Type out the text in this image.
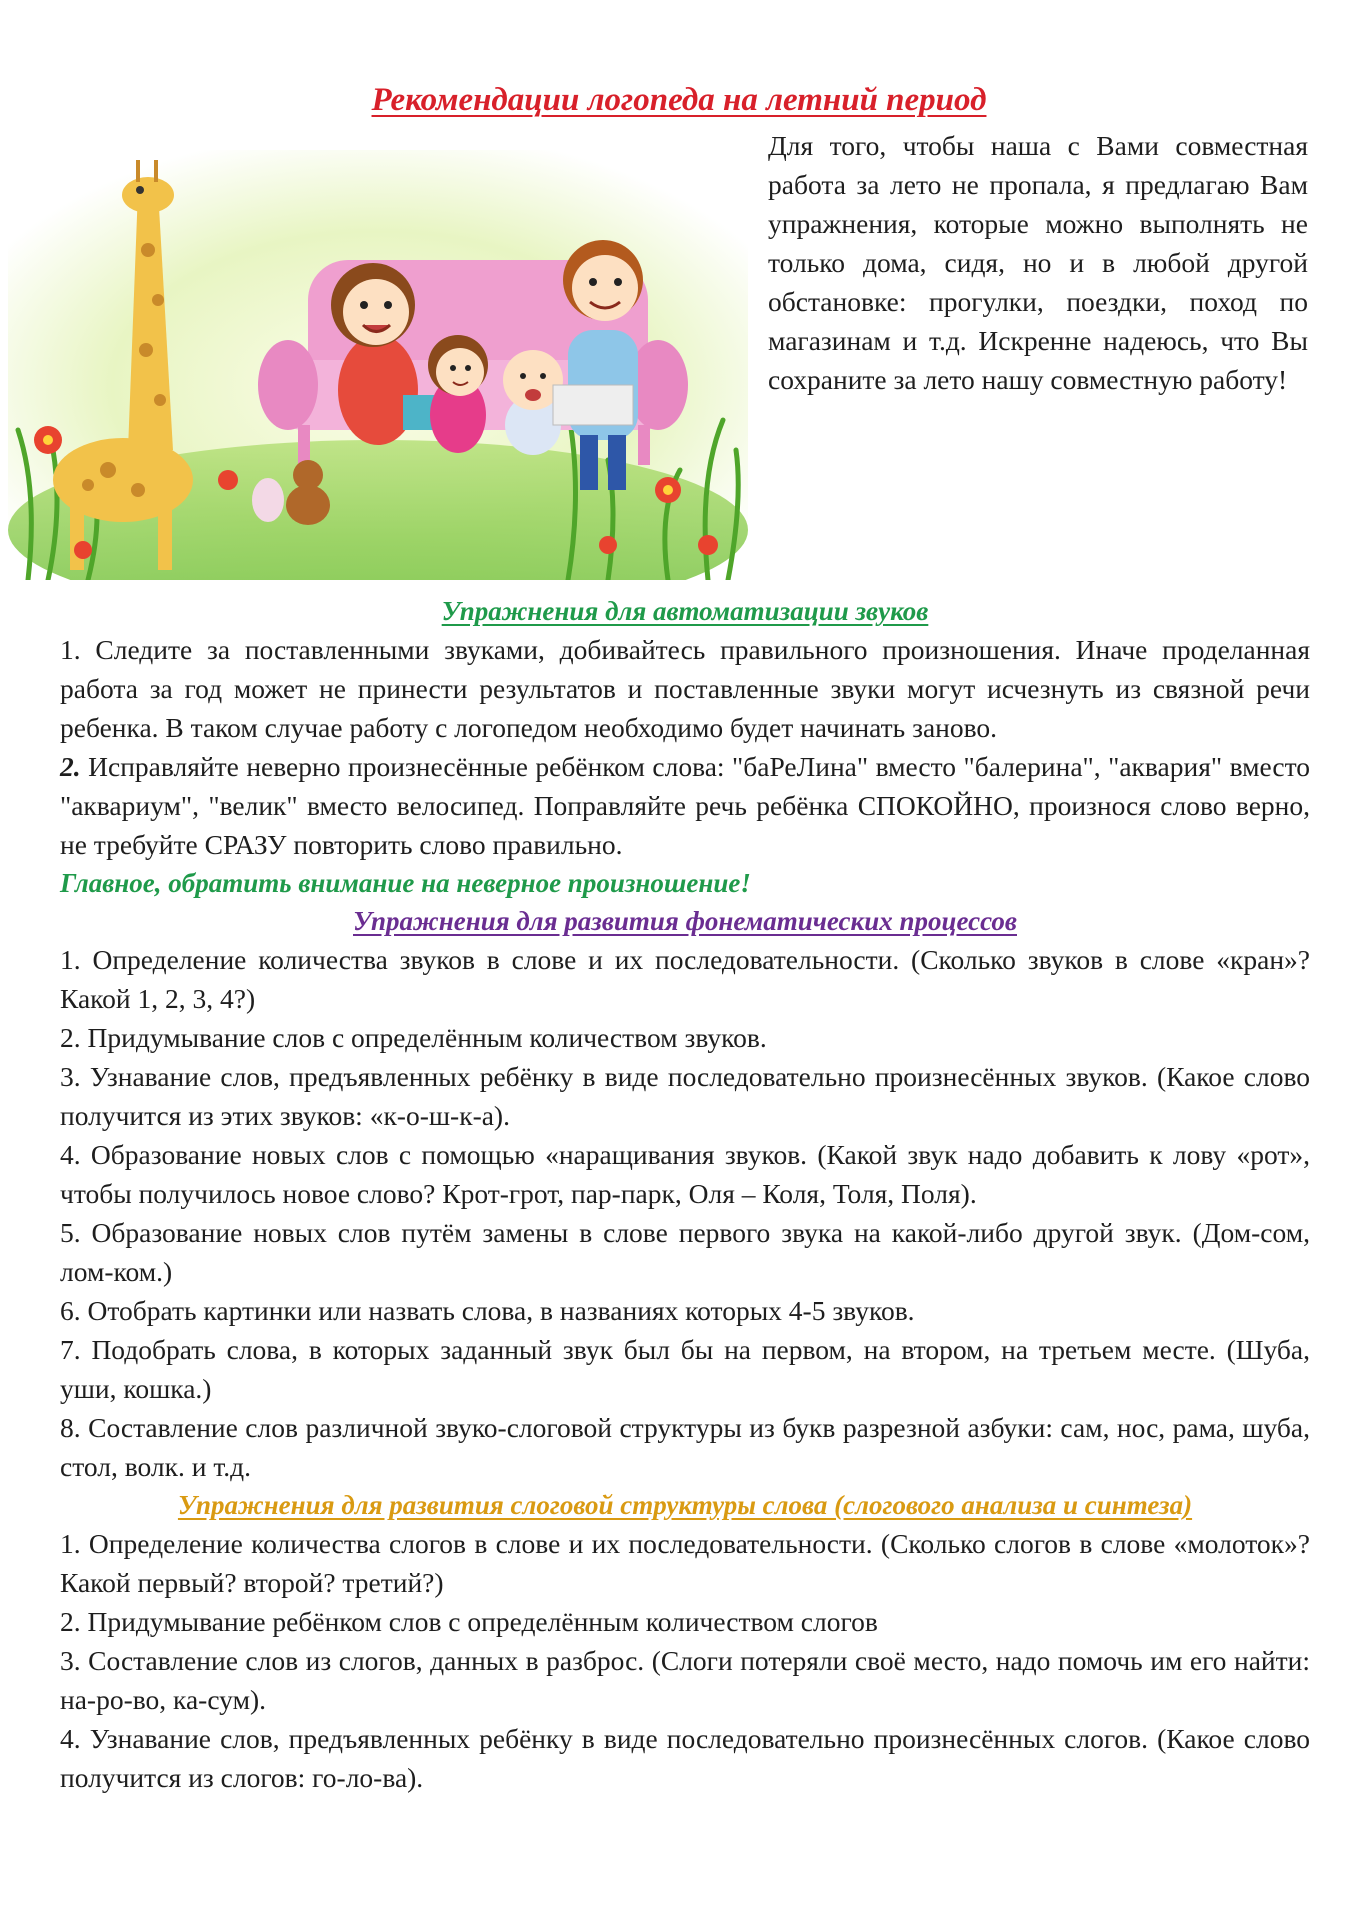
Рекомендации логопеда на летний период

Для того, чтобы наша с Вами совместная работа за лето не пропала, я предлагаю Вам упражнения, которые можно выполнять не только дома, сидя, но и в любой другой обстановке: прогулки, поездки, поход по магазинам и т.д. Искренне надеюсь, что Вы сохраните за лето нашу совместную работу!

Упражнения для автоматизации звуков

1. Следите за поставленными звуками, добивайтесь правильного произношения. Иначе проделанная работа за год может не принести результатов и поставленные звуки могут исчезнуть из связной речи ребенка. В таком случае работу с логопедом необходимо будет начинать заново.

2. Исправляйте неверно произнесённые ребёнком слова: "баРеЛина" вместо "балерина", "аквария" вместо "аквариум", "велик" вместо велосипед. Поправляйте речь ребёнка СПОКОЙНО, произнося слово верно, не требуйте СРАЗУ повторить слово правильно.

Главное, обратить внимание на неверное произношение!

Упражнения для развития фонематических процессов

1. Определение количества звуков в слове и их последовательности. (Сколько звуков в слове «кран»? Какой 1, 2, 3, 4?)

2. Придумывание слов с определённым количеством звуков.

3. Узнавание слов, предъявленных ребёнку в виде последовательно произнесённых звуков. (Какое слово получится из этих звуков: «к-о-ш-к-а).

4. Образование новых слов с помощью «наращивания звуков. (Какой звук надо добавить к лову «рот», чтобы получилось новое слово? Крот-грот, пар-парк, Оля – Коля, Толя, Поля).

5. Образование новых слов путём замены в слове первого звука на какой-либо другой звук. (Дом-сом, лом-ком.)

6. Отобрать картинки или назвать слова, в названиях которых 4-5 звуков.

7. Подобрать слова, в которых заданный звук был бы на первом, на втором, на третьем месте. (Шуба, уши, кошка.)

8. Составление слов различной звуко-слоговой структуры из букв разрезной азбуки: сам, нос, рама, шуба, стол, волк. и т.д.

Упражнения для развития слоговой структуры слова (слогового анализа и синтеза)

1. Определение количества слогов в слове и их последовательности. (Сколько слогов в слове «молоток»? Какой первый? второй? третий?)

2. Придумывание ребёнком слов с определённым количеством слогов

3. Составление слов из слогов, данных в разброс. (Слоги потеряли своё место, надо помочь им его найти: на-ро-во, ка-сум).

4. Узнавание слов, предъявленных ребёнку в виде последовательно произнесённых слогов. (Какое слово получится из слогов: го-ло-ва).
